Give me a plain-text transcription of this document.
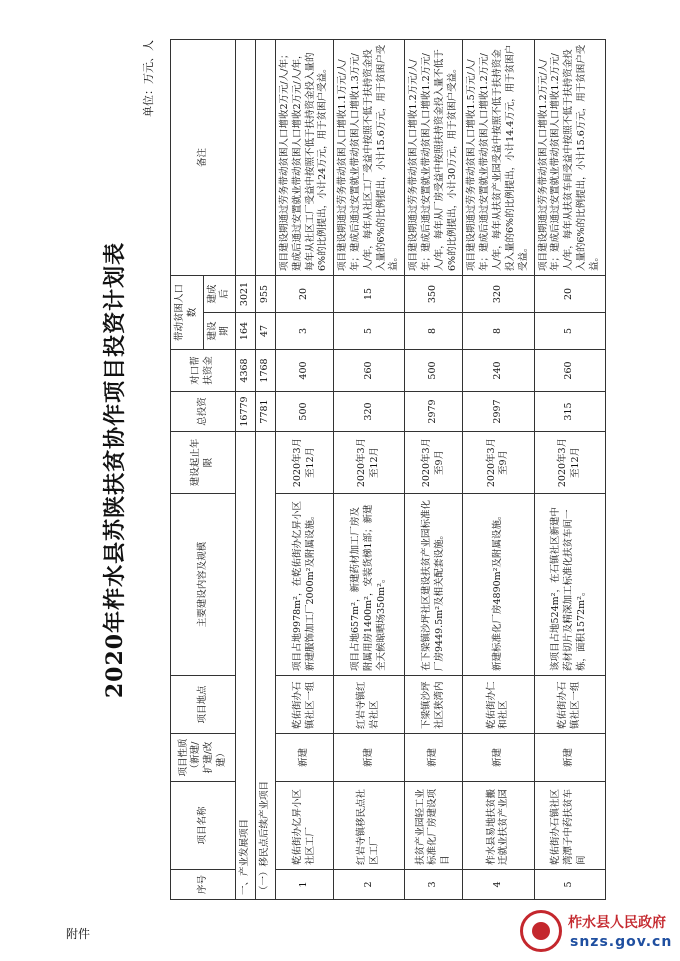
附件
2020年柞水县苏陕扶贫协作项目投资计划表
单位：万元、人
序号	项目名称	项目性质（新建/扩建/改建）	项目地点	主要建设内容及规模	建设起止年限	总投资	对口帮扶资金	带动贫困人口数		备注
								建设期	建成后	
一、产业发展项目						16779	4368	164	3021	
（一）移民点后续产业项目						7781	1768	47	955	
1	乾佑街办亿昇小区社区工厂	新建	乾佑街办石镇社区一组	项目占地9978m²，在乾佑街办亿昇小区新建服饰加工厂2000m²及附属设施。	2020年3月至12月	500	400	3	20	项目建设期通过劳务带动贫困人口增收2万元/人/年；建成后通过安置就业带动贫困人口增收2万元/人/年，每年从社区工厂受益中按照不低于扶持资金投入量的6%的比例提出，小计24万元，用于贫困户受益。
2	红岩寺镇移民点社区工厂	新建	红岩寺镇红岩社区	项目占地657m²，新建药材加工厂房及附属用房1400m²，安装货梯1部；新建全天候晾晒场350m²。	2020年3月至12月	320	260	5	15	项目建设期通过劳务带动贫困人口增收1.1万元/人/年；建成后通过安置就业带动贫困人口增收1.3万元/人/年，每年从社区工厂受益中按照不低于扶持资金投入量的6%的比例提出，小计15.6万元，用于贫困户受益。
3	扶贫产业园轻工业标准化厂房建设项目	新建	下梁镇沙坪社区狭湾内	在下梁镇沙坪社区建设扶贫产业园标准化厂房9449.5m²及相关配套设施。	2020年3月至9月	2979	500	8	350	项目建设期通过劳务带动贫困人口增收1.2万元/人/年；建成后通过安置就业带动贫困人口增收1.2万元/人/年，每年从厂房受益中按照扶持资金投入量不低于6%的比例提出，小计30万元，用于贫困户受益。
4	柞水县易地扶贫搬迁就业扶贫产业园	新建	乾佑街办仁和社区	新建标准化厂房4890m²及附属设施。	2020年3月至9月	2997	240	8	320	项目建设期通过劳务带动贫困人口增收1.5万元/人/年；建成后通过安置就业带动贫困人口增收1.2万元/人/年，每年从扶贫产业园受益中按照不低于扶持资金投入量的6%的比例提出，小计14.4万元，用于贫困户受益。
5	乾佑街办石镇社区湾潭子中药扶贫车间	新建	乾佑街办石镇社区一组	该项目占地524m²，在石镇社区新建中药材切片及精深加工标准化扶贫车间一栋，面积1572m²。	2020年3月至12月	315	260	5	20	项目建设期通过劳务带动贫困人口增收1.2万元/人/年；建成后通过安置就业带动贫困人口增收1.2万元/人/年，每年从扶贫车间受益中按照不低于扶持资金投入量的6%的比例提出，小计15.6万元，用于贫困户受益。
柞水县人民政府
snzs.gov.cn
